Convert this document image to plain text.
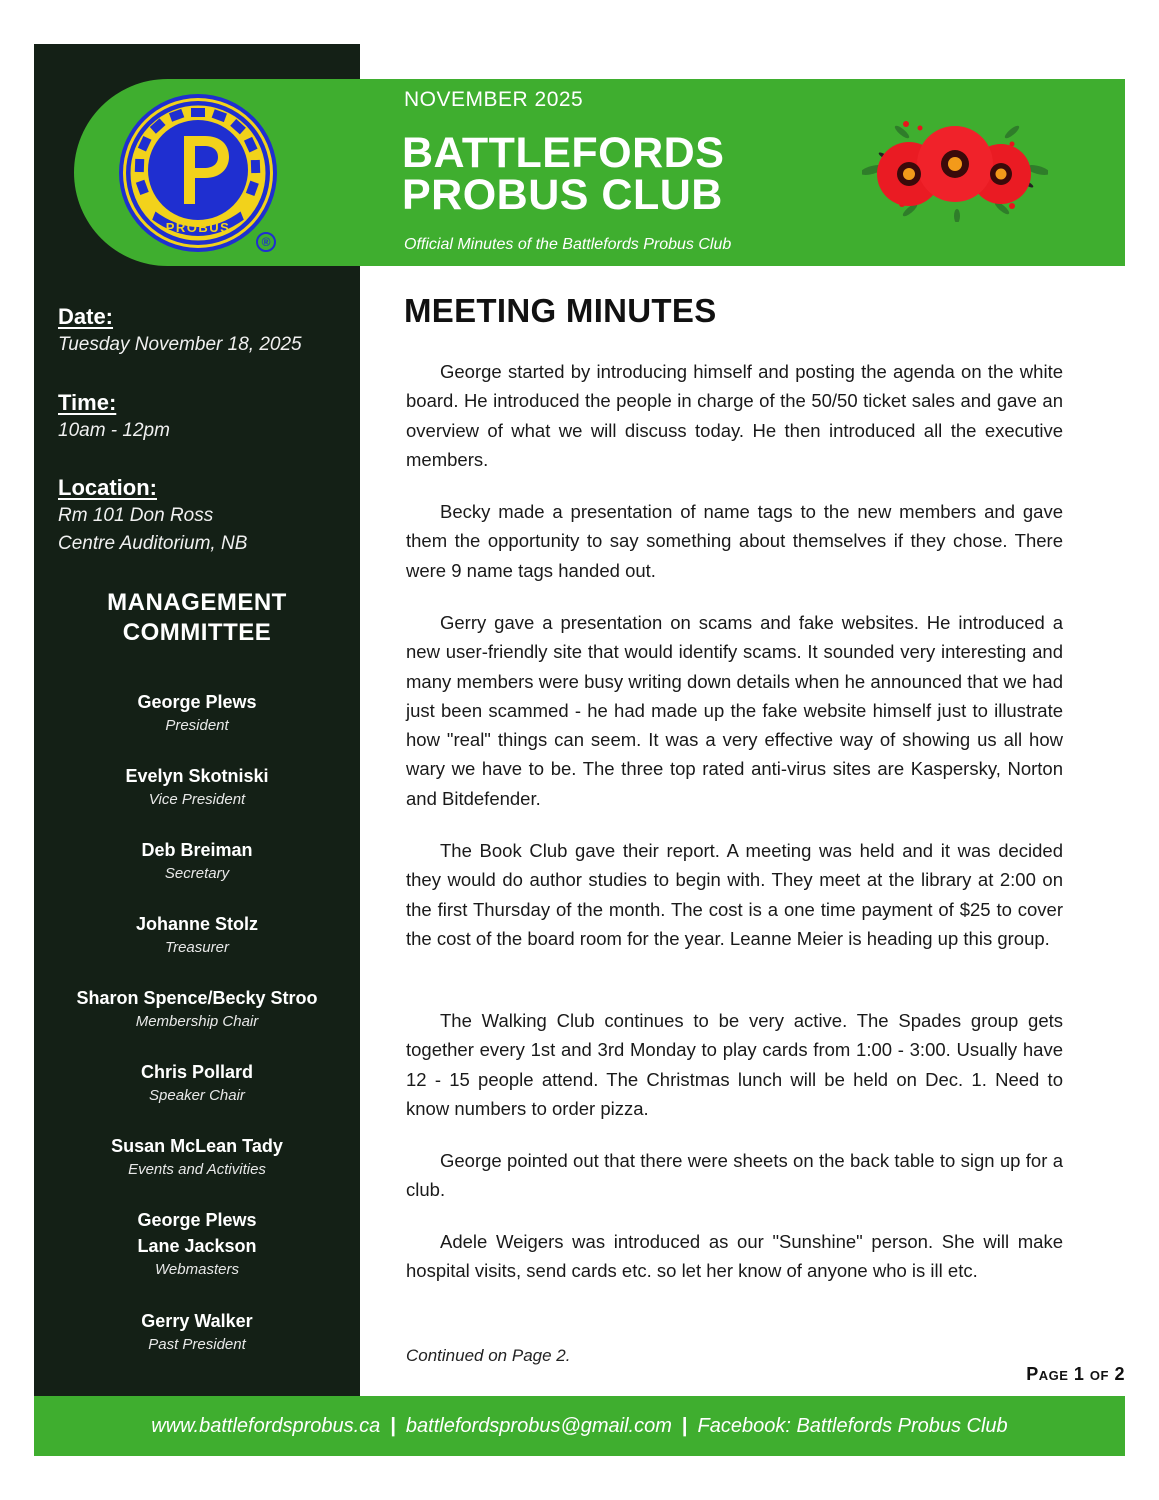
PROBUS
®
NOVEMBER 2025
BATTLEFORDS
PROBUS CLUB
Official Minutes of the Battlefords Probus Club
Date:
Tuesday November 18, 2025
Time:
10am - 12pm
Location:
Rm 101 Don Ross
Centre Auditorium, NB
MANAGEMENT
COMMITTEE
George Plews
President
Evelyn Skotniski
Vice President
Deb Breiman
Secretary
Johanne Stolz
Treasurer
Sharon Spence/Becky Stroo
Membership Chair
Chris Pollard
Speaker Chair
Susan McLean Tady
Events and Activities
George Plews
Lane Jackson
Webmasters
Gerry Walker
Past President
MEETING MINUTES

George started by introducing himself and posting the agenda on the white board. He introduced the people in charge of the 50/50 ticket sales and gave an overview of what we will discuss today. He then introduced all the executive members.

Becky made a presentation of name tags to the new members and gave them the opportunity to say something about themselves if they chose. There were 9 name tags handed out.

Gerry gave a presentation on scams and fake websites. He introduced a new user-friendly site that would identify scams. It sounded very interesting and many members were busy writing down details when he announced that we had just been scammed - he had made up the fake website himself just to illustrate how "real" things can seem. It was a very effective way of showing us all how wary we have to be. The three top rated anti-virus sites are Kaspersky, Norton and Bitdefender.

The Book Club gave their report. A meeting was held and it was decided they would do author studies to begin with. They meet at the library at 2:00 on the first Thursday of the month. The cost is a one time payment of $25 to cover the cost of the board room for the year. Leanne Meier is heading up this group.

The Walking Club continues to be very active. The Spades group gets together every 1st and 3rd Monday to play cards from 1:00 - 3:00. Usually have 12 - 15 people attend. The Christmas lunch will be held on Dec. 1. Need to know numbers to order pizza.

George pointed out that there were sheets on the back table to sign up for a club.

Adele Weigers was introduced as our "Sunshine" person. She will make hospital visits, send cards etc. so let her know of anyone who is ill etc.

Continued on Page 2.
Page 1 of 2
www.battlefordsprobus.ca | battlefordsprobus@gmail.com | Facebook: Battlefords Probus Club
